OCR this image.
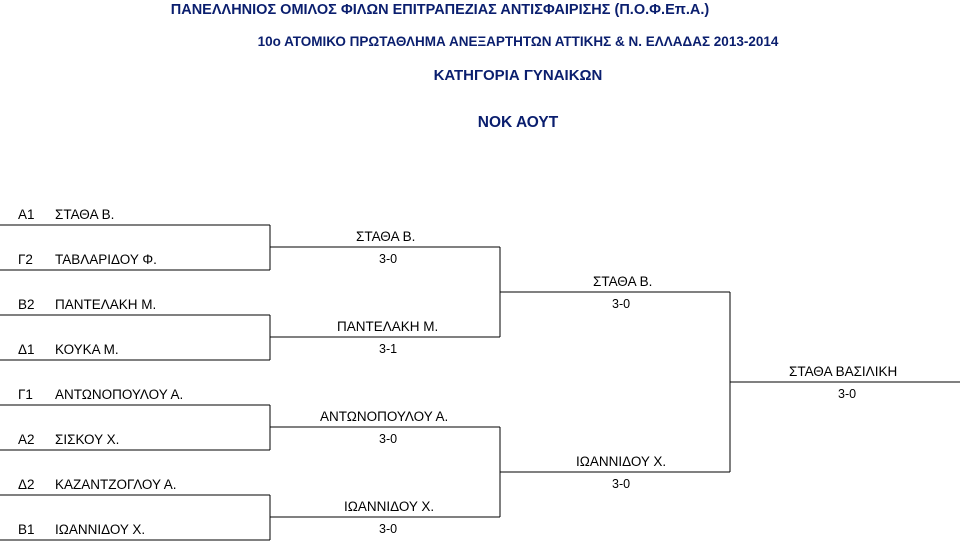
ΠΑΝΕΛΛΗΝΙΟΣ ΟΜΙΛΟΣ ΦΙΛΩΝ ΕΠΙΤΡΑΠΕΖΙΑΣ ΑΝΤΙΣΦΑΙΡΙΣΗΣ (Π.Ο.Φ.Επ.Α.)
10ο ΑΤΟΜΙΚΟ ΠΡΩΤΑΘΛΗΜΑ ΑΝΕΞΑΡΤΗΤΩΝ ΑΤΤΙΚΗΣ & Ν. ΕΛΛΑΔΑΣ 2013-2014
ΚΑΤΗΓΟΡΙΑ ΓΥΝΑΙΚΩΝ
ΝΟΚ ΑΟΥΤ
Α1 ΣΤΑΘΑ Β.
Γ2 ΤΑΒΛΑΡΙΔΟΥ Φ.
Β2 ΠΑΝΤΕΛΑΚΗ Μ.
Δ1 ΚΟΥΚΑ Μ.
Γ1 ΑΝΤΩΝΟΠΟΥΛΟΥ Α.
Α2 ΣΙΣΚΟΥ Χ.
Δ2 ΚΑΖΑΝΤΖΟΓΛΟΥ Α.
Β1 ΙΩΑΝΝΙΔΟΥ Χ.
ΣΤΑΘΑ Β.
3-0
ΠΑΝΤΕΛΑΚΗ Μ.
3-1
ΑΝΤΩΝΟΠΟΥΛΟΥ Α.
3-0
ΙΩΑΝΝΙΔΟΥ Χ.
3-0
ΣΤΑΘΑ Β.
3-0
ΙΩΑΝΝΙΔΟΥ Χ.
3-0
ΣΤΑΘΑ ΒΑΣΙΛΙΚΗ
3-0
